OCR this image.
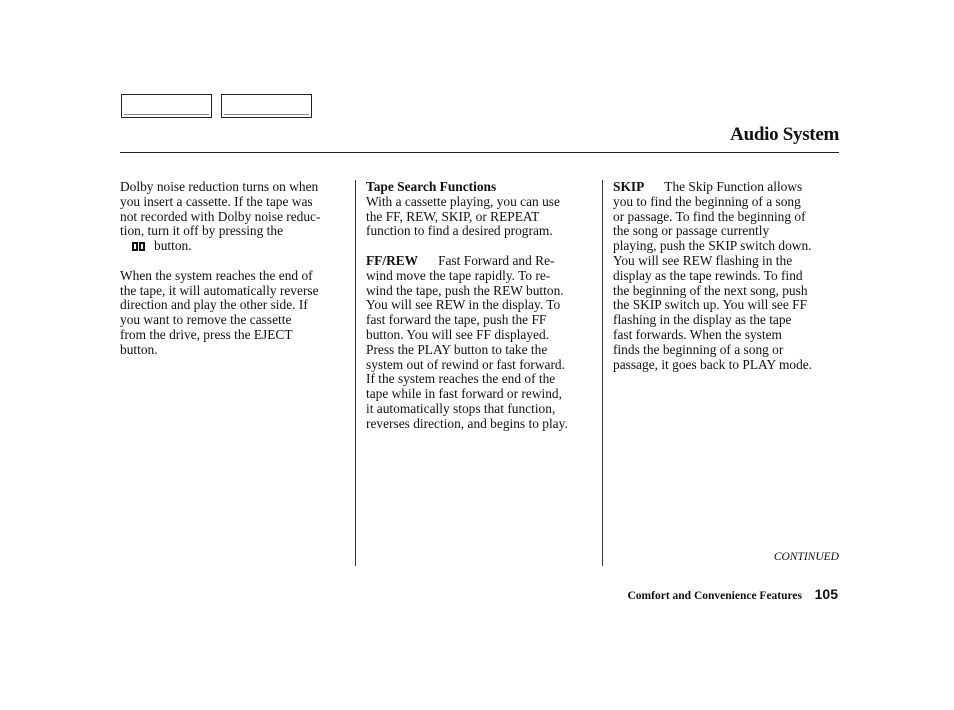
Audio System
Dolby noise reduction turns on when
you insert a cassette. If the tape was
not recorded with Dolby noise reduc-
tion, turn it off by pressing the
button.
When the system reaches the end of
the tape, it will automatically reverse
direction and play the other side. If
you want to remove the cassette
from the drive, press the EJECT
button.
Tape Search Functions
With a cassette playing, you can use
the FF, REW, SKIP, or REPEAT
function to find a desired program.
FF/REW Fast Forward and Re-
wind move the tape rapidly. To re-
wind the tape, push the REW button.
You will see REW in the display. To
fast forward the tape, push the FF
button. You will see FF displayed.
Press the PLAY button to take the
system out of rewind or fast forward.
If the system reaches the end of the
tape while in fast forward or rewind,
it automatically stops that function,
reverses direction, and begins to play.
SKIP The Skip Function allows
you to find the beginning of a song
or passage. To find the beginning of
the song or passage currently
playing, push the SKIP switch down.
You will see REW flashing in the
display as the tape rewinds. To find
the beginning of the next song, push
the SKIP switch up. You will see FF
flashing in the display as the tape
fast forwards. When the system
finds the beginning of a song or
passage, it goes back to PLAY mode.
CONTINUED
Comfort and Convenience Features 105
